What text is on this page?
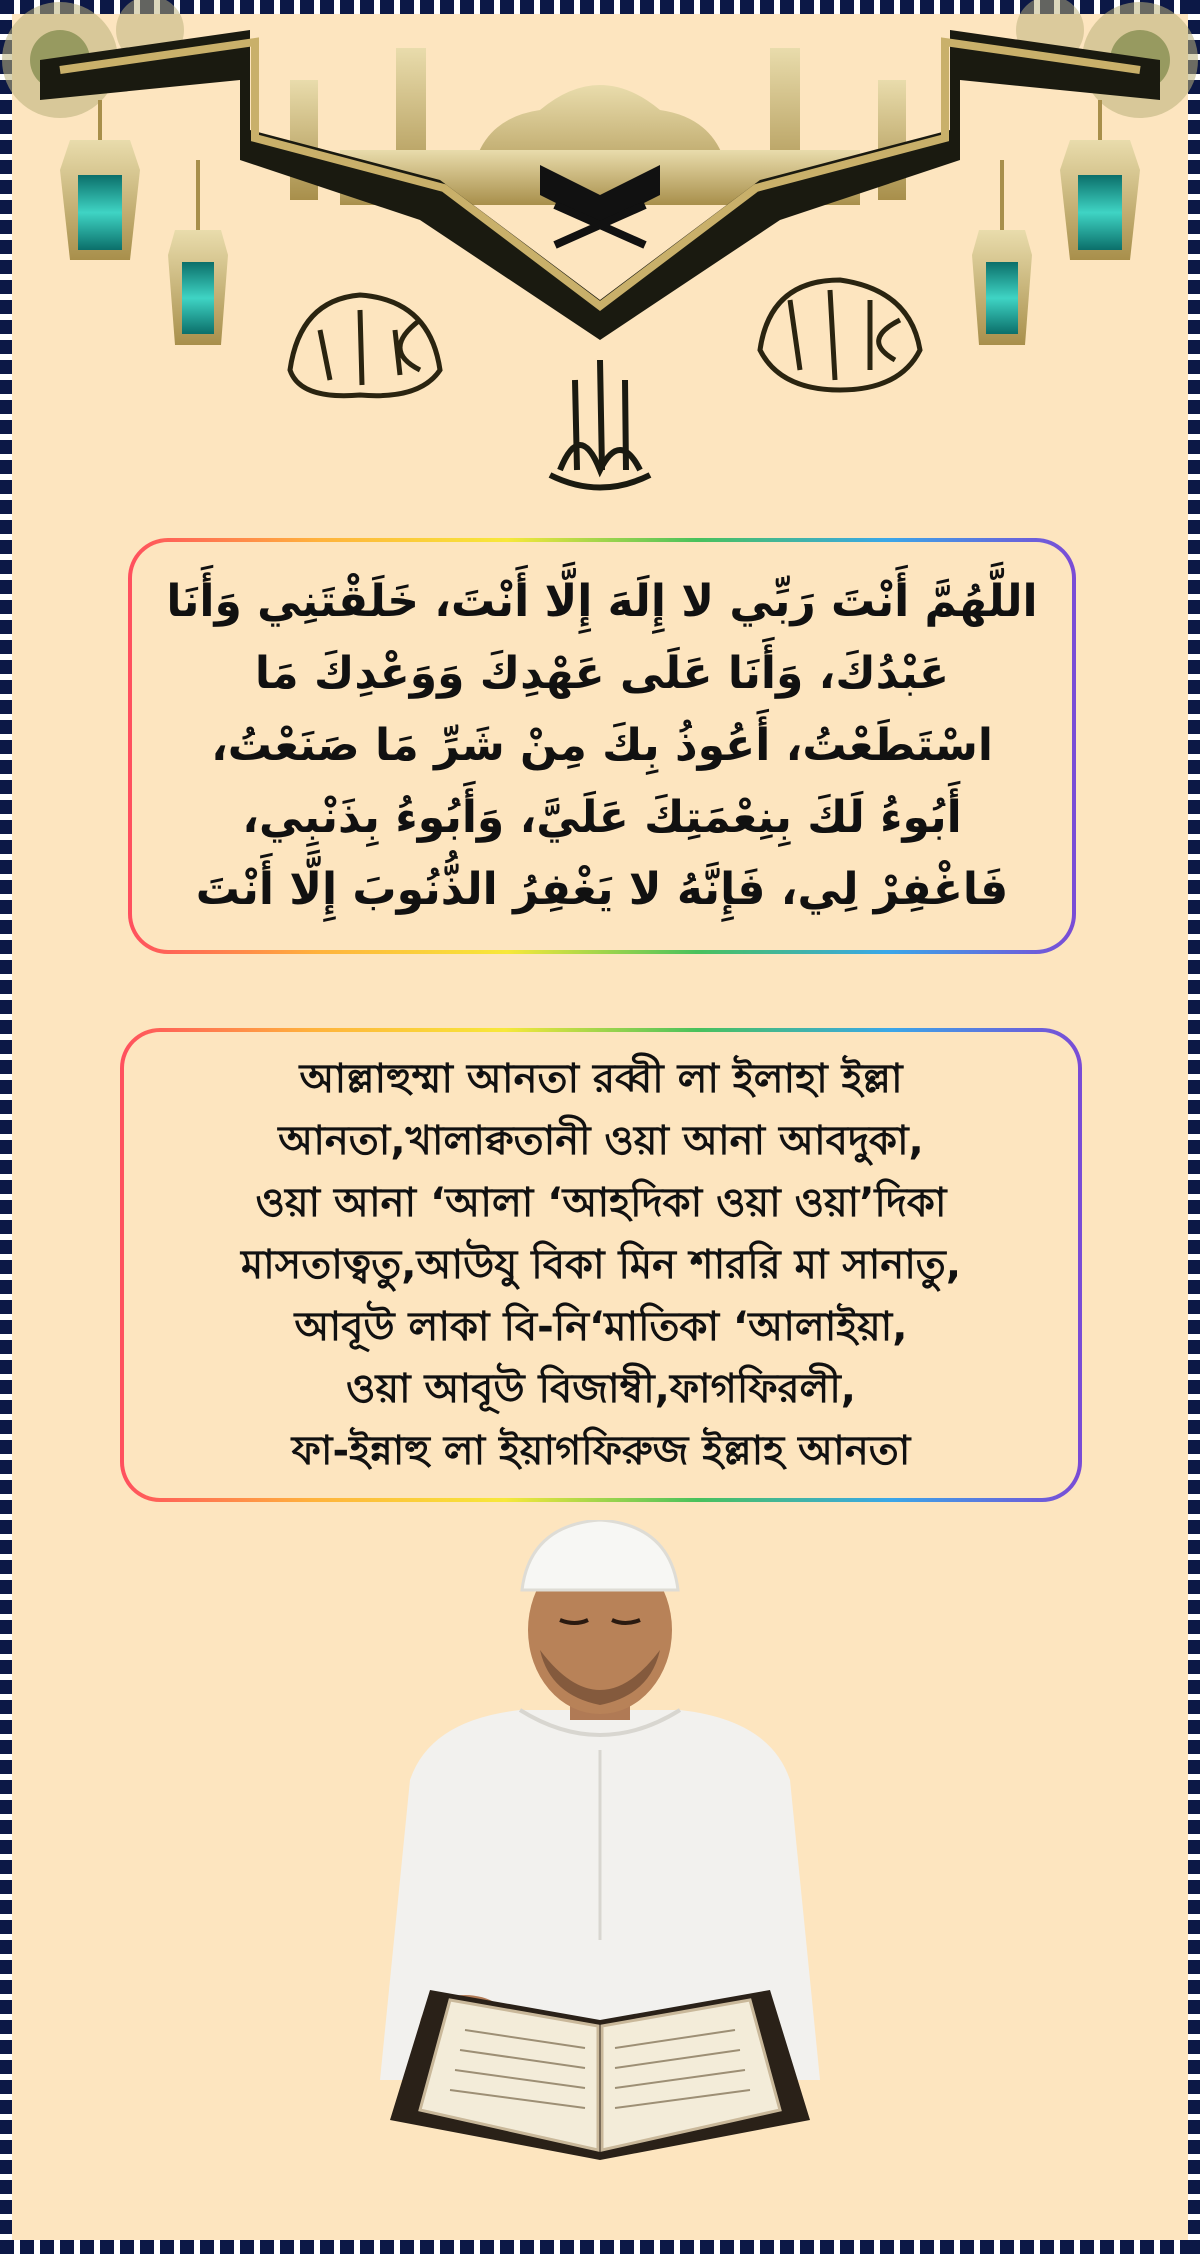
اللَّهُمَّ أَنْتَ رَبِّي لا إِلَهَ إِلَّا أَنْتَ، خَلَقْتَنِي وَأَنَا
عَبْدُكَ، وَأَنَا عَلَى عَهْدِكَ وَوَعْدِكَ مَا
اسْتَطَعْتُ، أَعُوذُ بِكَ مِنْ شَرِّ مَا صَنَعْتُ،
أَبُوءُ لَكَ بِنِعْمَتِكَ عَلَيَّ، وَأَبُوءُ بِذَنْبِي،
فَاغْفِرْ لِي، فَإِنَّهُ لا يَغْفِرُ الذُّنُوبَ إِلَّا أَنْتَ
আল্লাহুম্মা আনতা রব্বী লা ইলাহা ইল্লা
আনতা,খালাক্বতানী ওয়া আনা আবদুকা,
ওয়া আনা ‘আলা ‘আহদিকা ওয়া ওয়া’দিকা
মাসতাত্বতু,আউযু বিকা মিন শাররি মা সানাতু,
আবূউ লাকা বি-নি‘মাতিকা ‘আলাইয়া,
ওয়া আবূউ বিজাম্বী,ফাগফিরলী,
ফা-ইন্নাহু লা ইয়াগফিরুজ ইল্লাহ আনতা
